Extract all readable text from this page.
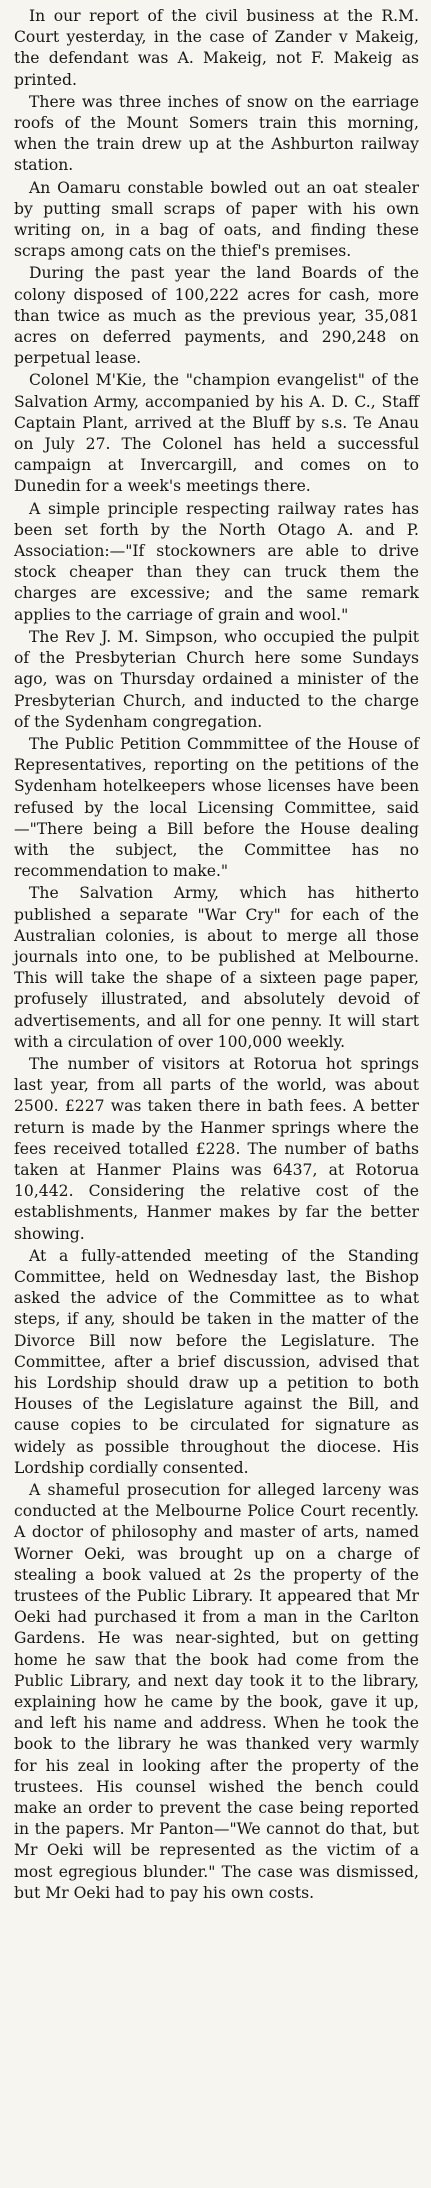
In our report of the civil business at the R.M. Court yesterday, in the case of Zander v Makeig, the defendant was A. Makeig, not F. Makeig as printed.

There was three inches of snow on the earriage roofs of the Mount Somers train this morning, when the train drew up at the Ashburton railway station.

An Oamaru constable bowled out an oat stealer by putting small scraps of paper with his own writing on, in a bag of oats, and finding these scraps among cats on the thief's premises.

During the past year the land Boards of the colony disposed of 100,222 acres for cash, more than twice as much as the previous year, 35,081 acres on deferred payments, and 290,248 on perpetual lease.

Colonel M'Kie, the "champion evangelist" of the Salvation Army, accompanied by his A. D. C., Staff Captain Plant, arrived at the Bluff by s.s. Te Anau on July 27. The Colonel has held a successful campaign at Invercargill, and comes on to Dunedin for a week's meetings there.

A simple principle respecting railway rates has been set forth by the North Otago A. and P. Association:—"If stockowners are able to drive stock cheaper than they can truck them the charges are excessive; and the same remark applies to the carriage of grain and wool."

The Rev J. M. Simpson, who occupied the pulpit of the Presbyterian Church here some Sundays ago, was on Thursday ordained a minister of the Presbyterian Church, and inducted to the charge of the Sydenham congregation.

The Public Petition Commmittee of the House of Representatives, reporting on the petitions of the Sydenham hotelkeepers whose licenses have been refused by the local Licensing Committee, said—"There being a Bill before the House dealing with the subject, the Committee has no recommendation to make."

The Salvation Army, which has hitherto published a separate "War Cry" for each of the Australian colonies, is about to merge all those journals into one, to be published at Melbourne. This will take the shape of a sixteen page paper, profusely illustrated, and absolutely devoid of advertisements, and all for one penny. It will start with a circulation of over 100,000 weekly.

The number of visitors at Rotorua hot springs last year, from all parts of the world, was about 2500. £227 was taken there in bath fees. A better return is made by the Hanmer springs where the fees received totalled £228. The number of baths taken at Hanmer Plains was 6437, at Rotorua 10,442. Considering the relative cost of the establishments, Hanmer makes by far the better showing.

At a fully-attended meeting of the Standing Committee, held on Wednesday last, the Bishop asked the advice of the Committee as to what steps, if any, should be taken in the matter of the Divorce Bill now before the Legislature. The Committee, after a brief discussion, advised that his Lordship should draw up a petition to both Houses of the Legislature against the Bill, and cause copies to be circulated for signature as widely as possible throughout the diocese. His Lordship cordially consented.

A shameful prosecution for alleged larceny was conducted at the Melbourne Police Court recently. A doctor of philosophy and master of arts, named Worner Oeki, was brought up on a charge of stealing a book valued at 2s the property of the trustees of the Public Library. It appeared that Mr Oeki had purchased it from a man in the Carlton Gardens. He was near-sighted, but on getting home he saw that the book had come from the Public Library, and next day took it to the library, explaining how he came by the book, gave it up, and left his name and address. When he took the book to the library he was thanked very warmly for his zeal in looking after the property of the trustees. His counsel wished the bench could make an order to prevent the case being reported in the papers. Mr Panton—"We cannot do that, but Mr Oeki will be represented as the victim of a most egregious blunder." The case was dismissed, but Mr Oeki had to pay his own costs.
